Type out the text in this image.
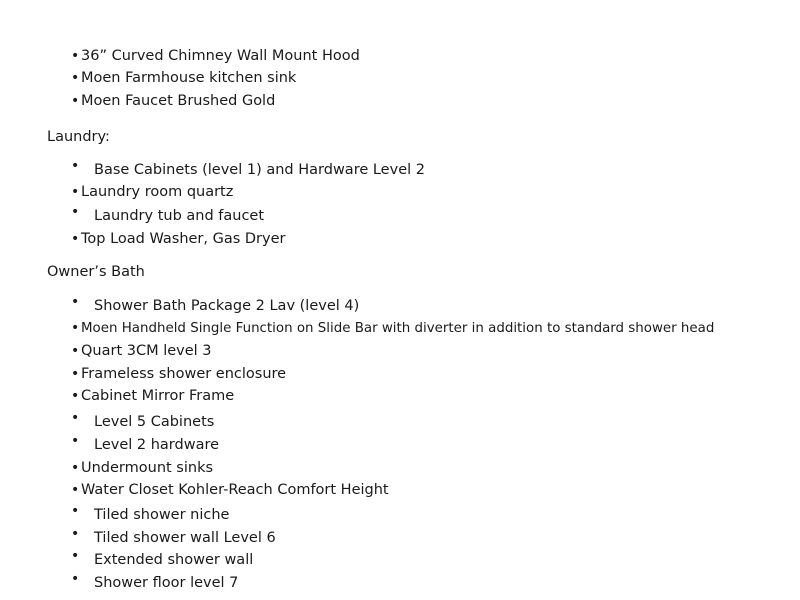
• 36” Curved Chimney Wall Mount Hood
• Moen Farmhouse kitchen sink
• Moen Faucet Brushed Gold
Laundry:
• Base Cabinets (level 1) and Hardware Level 2
• Laundry room quartz
• Laundry tub and faucet
• Top Load Washer, Gas Dryer
Owner’s Bath
• Shower Bath Package 2 Lav (level 4)
• Moen Handheld Single Function on Slide Bar with diverter in addition to standard shower head
• Quart 3CM level 3
• Frameless shower enclosure
• Cabinet Mirror Frame
• Level 5 Cabinets
• Level 2 hardware
• Undermount sinks
• Water Closet Kohler-Reach Comfort Height
• Tiled shower niche
• Tiled shower wall Level 6
• Extended shower wall
• Shower floor level 7
